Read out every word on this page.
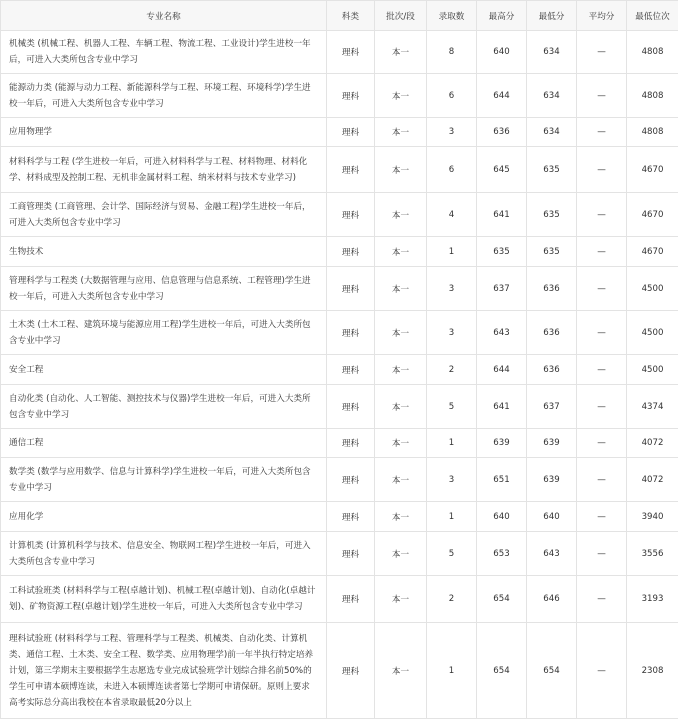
专业名称	科类	批次/段	录取数	最高分	最低分	平均分	最低位次
机械类 (机械工程、机器人工程、车辆工程、物流工程、工业设计)学生进校一年后，可进入大类所包含专业中学习	理科	本一	8	640	634	—	4808
能源动力类 (能源与动力工程、新能源科学与工程、环境工程、环境科学)学生进校一年后，可进入大类所包含专业中学习	理科	本一	6	644	634	—	4808
应用物理学	理科	本一	3	636	634	—	4808
材料科学与工程 (学生进校一年后，可进入材料科学与工程、材料物理、材料化学、材料成型及控制工程、无机非金属材料工程、纳米材料与技术专业学习)	理科	本一	6	645	635	—	4670
工商管理类 (工商管理、会计学、国际经济与贸易、金融工程)学生进校一年后，可进入大类所包含专业中学习	理科	本一	4	641	635	—	4670
生物技术	理科	本一	1	635	635	—	4670
管理科学与工程类 (大数据管理与应用、信息管理与信息系统、工程管理)学生进校一年后，可进入大类所包含专业中学习	理科	本一	3	637	636	—	4500
土木类 (土木工程、建筑环境与能源应用工程)学生进校一年后，可进入大类所包含专业中学习	理科	本一	3	643	636	—	4500
安全工程	理科	本一	2	644	636	—	4500
自动化类 (自动化、人工智能、测控技术与仪器)学生进校一年后，可进入大类所包含专业中学习	理科	本一	5	641	637	—	4374
通信工程	理科	本一	1	639	639	—	4072
数学类 (数学与应用数学、信息与计算科学)学生进校一年后，可进入大类所包含专业中学习	理科	本一	3	651	639	—	4072
应用化学	理科	本一	1	640	640	—	3940
计算机类 (计算机科学与技术、信息安全、物联网工程)学生进校一年后，可进入大类所包含专业中学习	理科	本一	5	653	643	—	3556
工科试验班类 (材料科学与工程(卓越计划)、机械工程(卓越计划)、自动化(卓越计划)、矿物资源工程(卓越计划)学生进校一年后，可进入大类所包含专业中学习	理科	本一	2	654	646	—	3193
理科试验班 (材料科学与工程、管理科学与工程类、机械类、自动化类、计算机类、通信工程、土木类、安全工程、数学类、应用物理学)前一年半执行特定培养计划，第三学期末主要根据学生志愿选专业完成试验班学计划综合排名前50%的学生可申请本硕博连读，未进入本硕博连读者第七学期可申请保研。原则上要求高考实际总分高出我校在本省录取最低20分以上	理科	本一	1	654	654	—	2308
